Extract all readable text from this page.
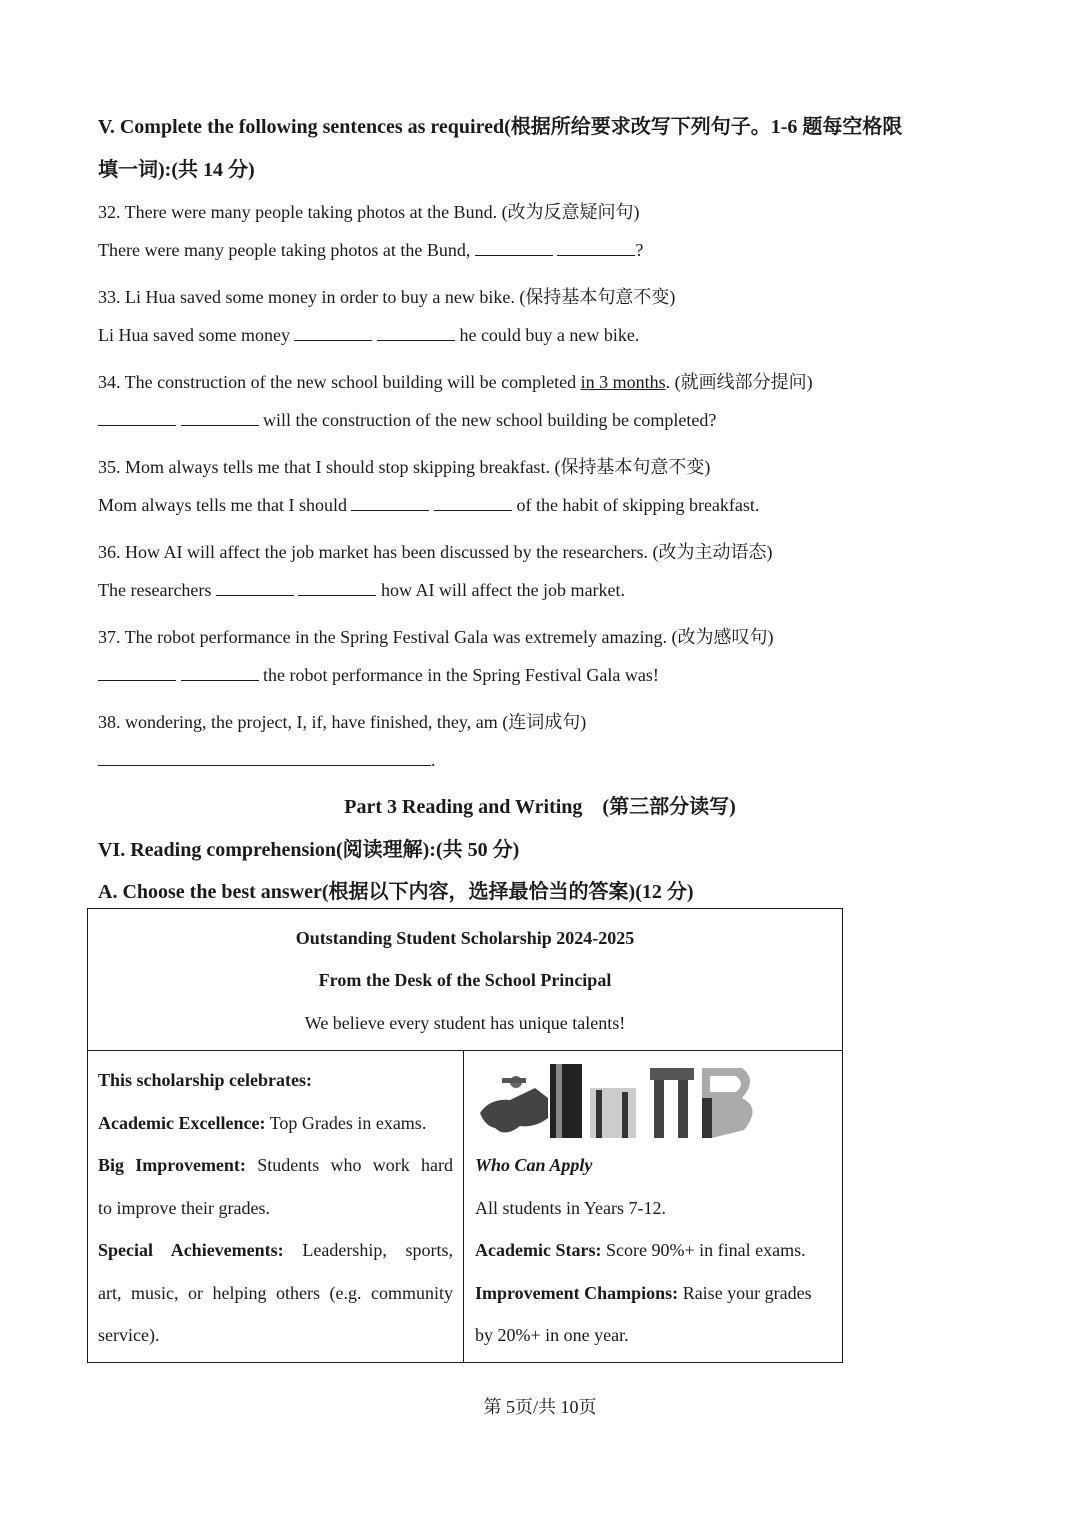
V. Complete the following sentences as required(根据所给要求改写下列句子。1-6 题每空格限
填一词):(共 14 分)
32. There were many people taking photos at the Bund. (改为反意疑问句)
There were many people taking photos at the Bund,	?
33. Li Hua saved some money in order to buy a new bike. (保持基本句意不变)
Li Hua saved some money	he could buy a new bike.
34. The construction of the new school building will be completed in 3 months. (就画线部分提问)
will the construction of the new school building be completed?
35. Mom always tells me that I should stop skipping breakfast. (保持基本句意不变)
Mom always tells me that I should	of the habit of skipping breakfast.
36. How AI will affect the job market has been discussed by the researchers. (改为主动语态)
The researchers	how AI will affect the job market.
37. The robot performance in the Spring Festival Gala was extremely amazing. (改为感叹句)
the robot performance in the Spring Festival Gala was!
38. wondering, the project, I, if, have finished, they, am (连词成句)
.
Part 3 Reading and Writing　(第三部分读写)
VI. Reading comprehension(阅读理解):(共 50 分)
A. Choose the best answer(根据以下内容，选择最恰当的答案)(12 分)
Outstanding Student Scholarship 2024-2025
From the Desk of the School Principal
We believe every student has unique talents!
This scholarship celebrates:
Academic Excellence: Top Grades in exams.
Big Improvement: Students who work hard
to improve their grades.
Special Achievements: Leadership, sports,
art, music, or helping others (e.g. community
service).
Who Can Apply
All students in Years 7-12.
Academic Stars: Score 90%+ in final exams.
Improvement Champions: Raise your grades
by 20%+ in one year.
第 5页/共 10页
